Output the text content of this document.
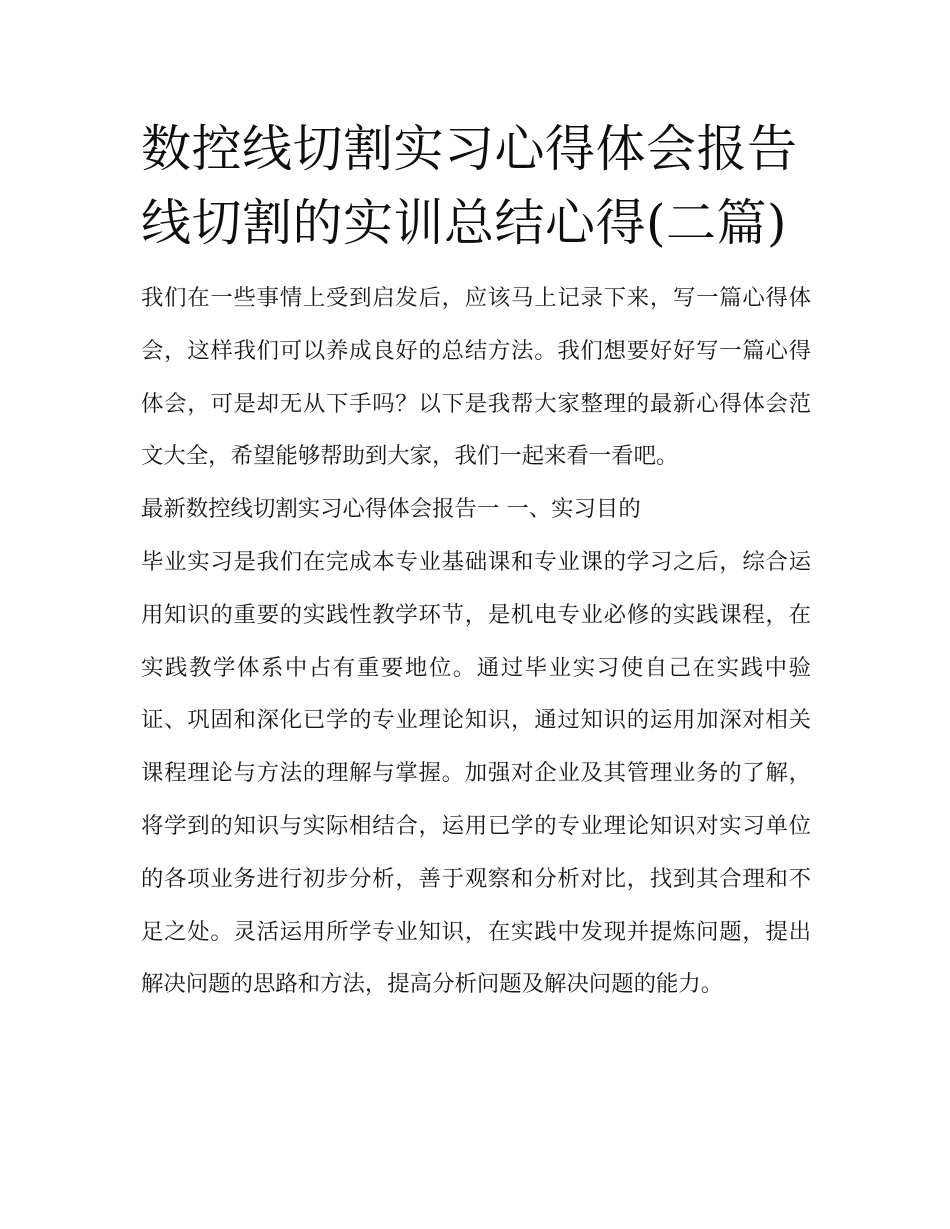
数控线切割实习心得体会报告
线切割的实训总结心得(二篇)

我们在一些事情上受到启发后，应该马上记录下来，写一篇心得体会，这样我们可以养成良好的总结方法。我们想要好好写一篇心得体会，可是却无从下手吗？以下是我帮大家整理的最新心得体会范文大全，希望能够帮助到大家，我们一起来看一看吧。

最新数控线切割实习心得体会报告一 一、实习目的

毕业实习是我们在完成本专业基础课和专业课的学习之后，综合运用知识的重要的实践性教学环节，是机电专业必修的实践课程，在实践教学体系中占有重要地位。通过毕业实习使自己在实践中验证、巩固和深化已学的专业理论知识，通过知识的运用加深对相关课程理论与方法的理解与掌握。加强对企业及其管理业务的了解，将学到的知识与实际相结合，运用已学的专业理论知识对实习单位的各项业务进行初步分析，善于观察和分析对比，找到其合理和不足之处。灵活运用所学专业知识，在实践中发现并提炼问题，提出解决问题的思路和方法，提高分析问题及解决问题的能力。
